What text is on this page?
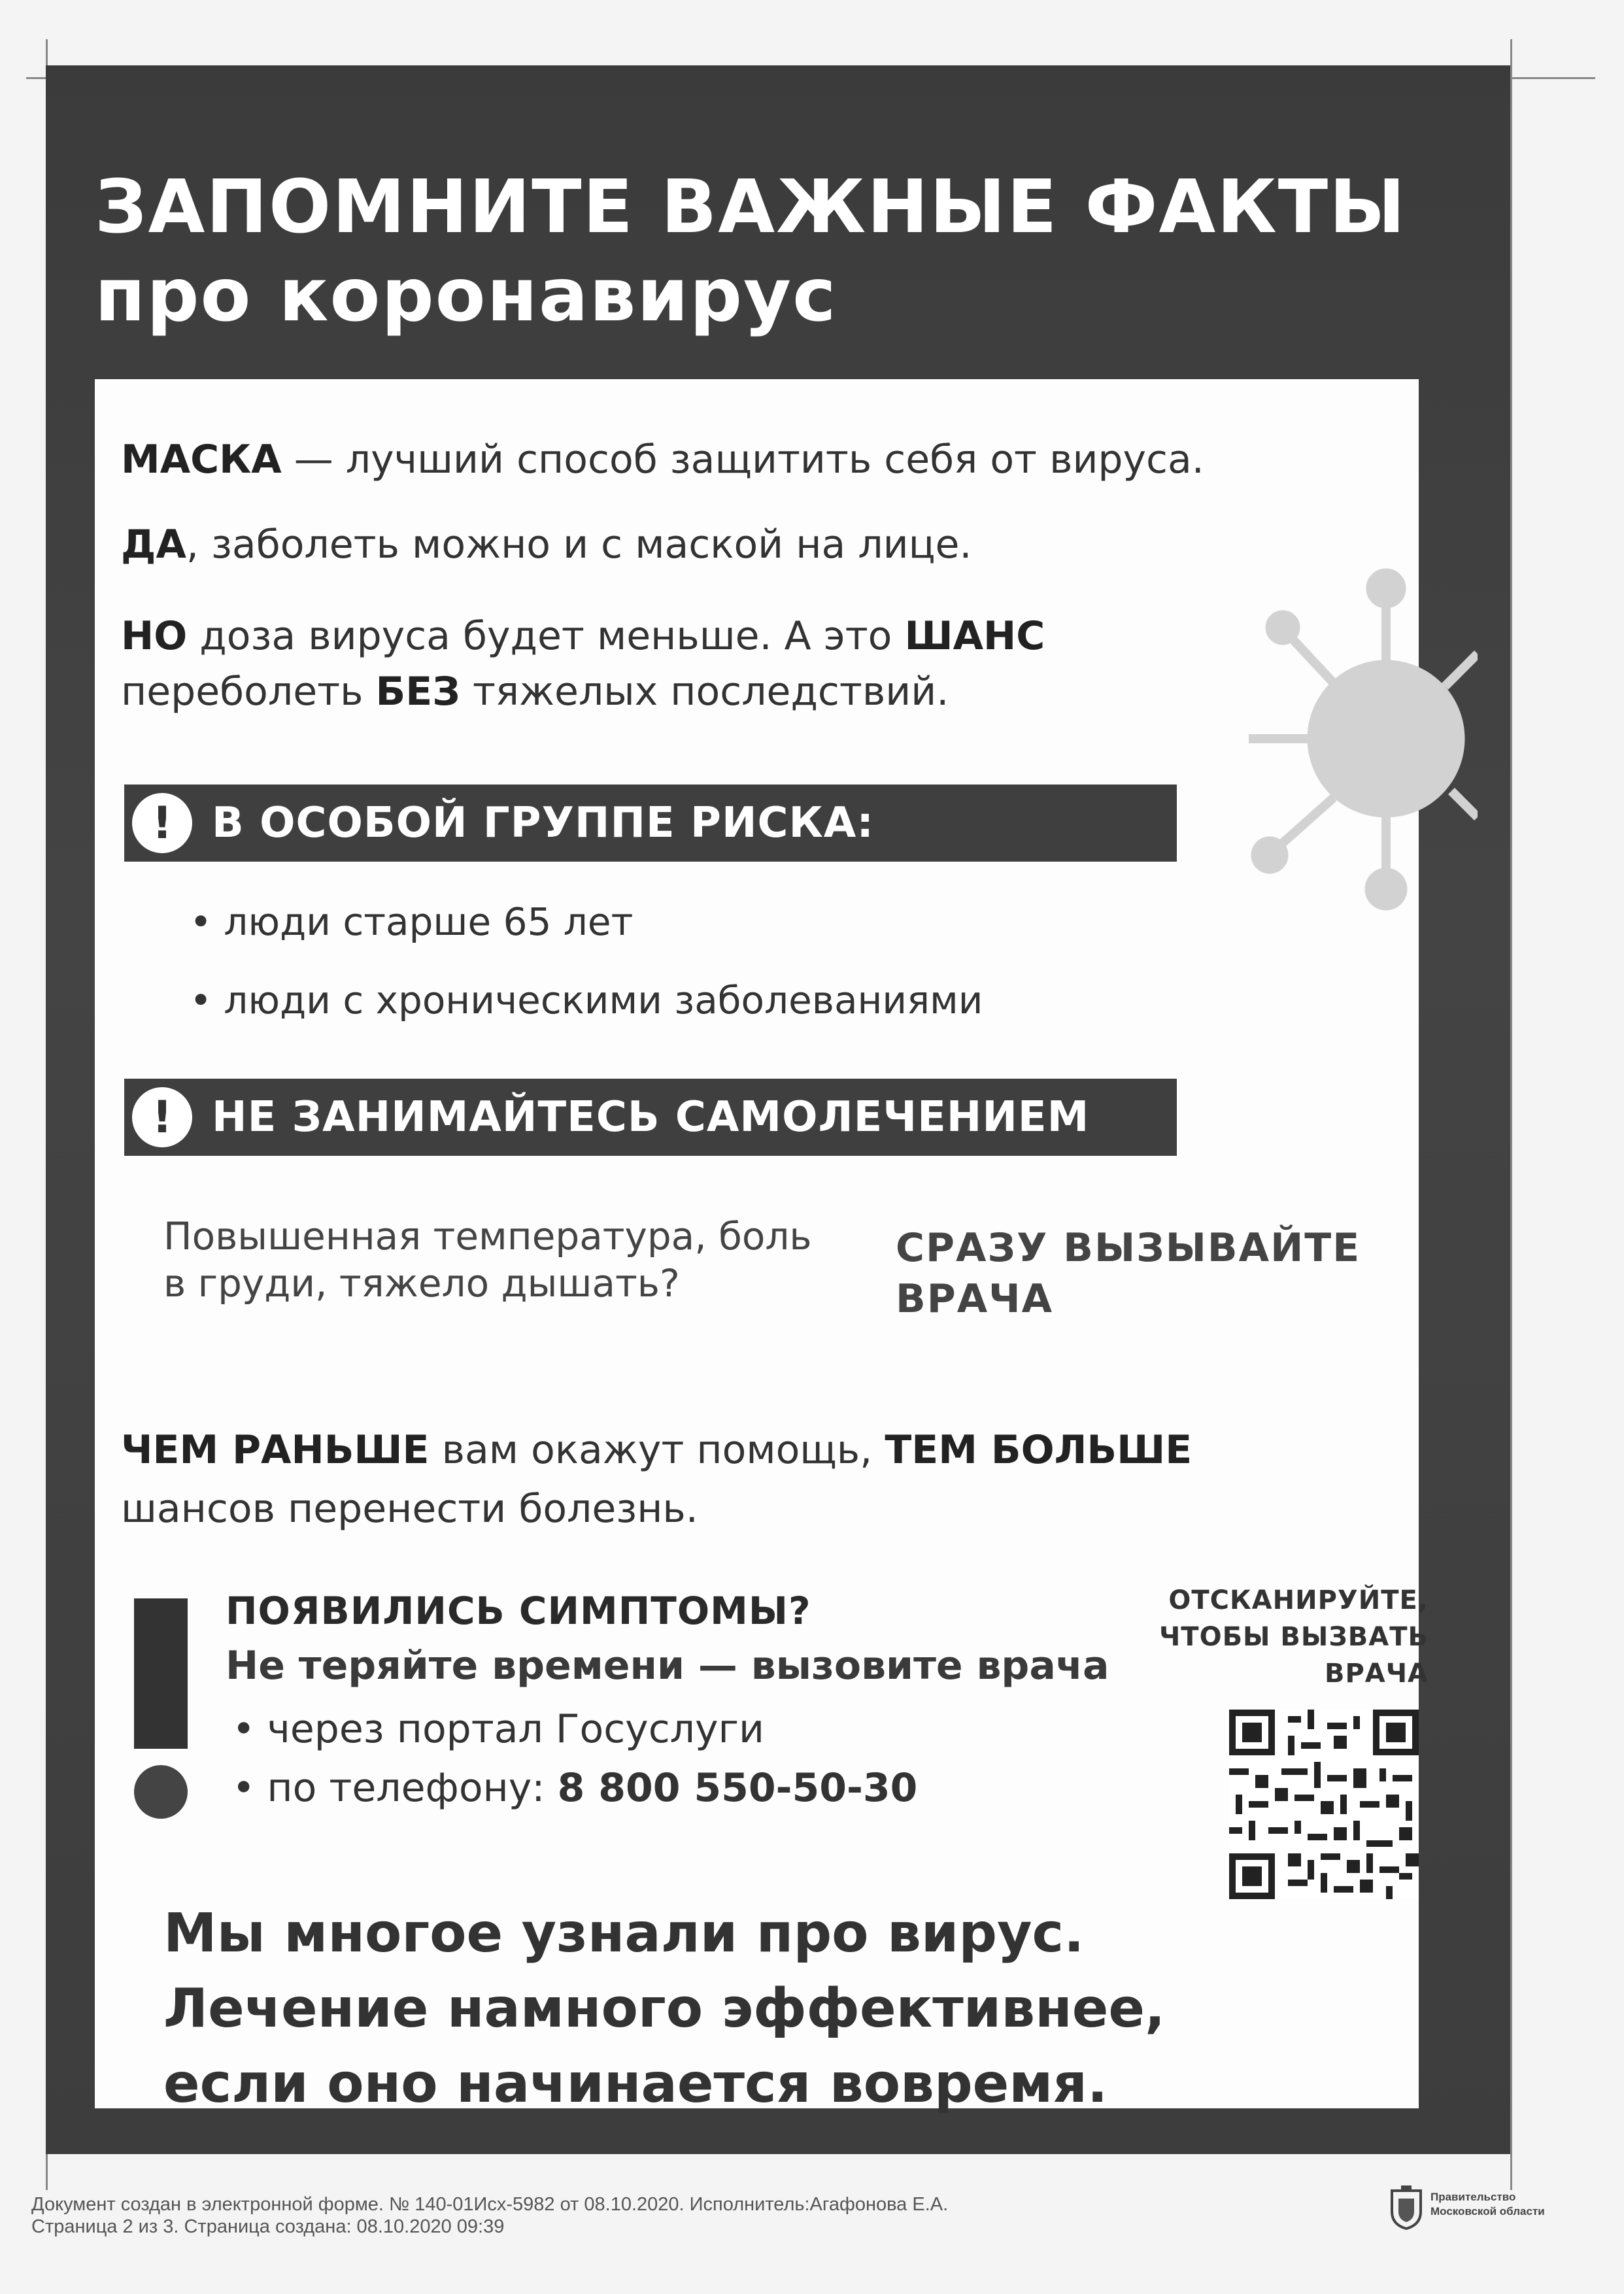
ЗАПОМНИТЕ ВАЖНЫЕ ФАКТЫ
про коронавирус

МАСКА — лучший способ защитить себя от вируса.

ДА, заболеть можно и с маской на лице.

НО доза вируса будет меньше. А это ШАНС

переболеть БЕЗ тяжелых последствий.

! В ОСОБОЙ ГРУППЕ РИСКА:

• люди старше 65 лет

• люди с хроническими заболеваниями

! НЕ ЗАНИМАЙТЕСЬ САМОЛЕЧЕНИЕМ

Повышенная температура, боль в груди, тяжело дышать?

СРАЗУ ВЫЗЫВАЙТЕ
ВРАЧА

ЧЕМ РАНЬШЕ вам окажут помощь, ТЕМ БОЛЬШЕ

шансов перенести болезнь.

ПОЯВИЛИСЬ СИМПТОМЫ?

Не теряйте времени — вызовите врача

• через портал Госуслуги

• по телефону: 8 800 550-50-30

ОТСКАНИРУЙТЕ,
ЧТОБЫ ВЫЗВАТЬ
ВРАЧА

Мы многое узнали про вирус.
Лечение намного эффективнее,
если оно начинается вовремя.

Документ создан в электронной форме. № 140-01Исх-5982 от 08.10.2020. Исполнитель:Агафонова Е.А.
Страница 2 из 3. Страница создана: 08.10.2020 09:39

Правительство
Московской области
